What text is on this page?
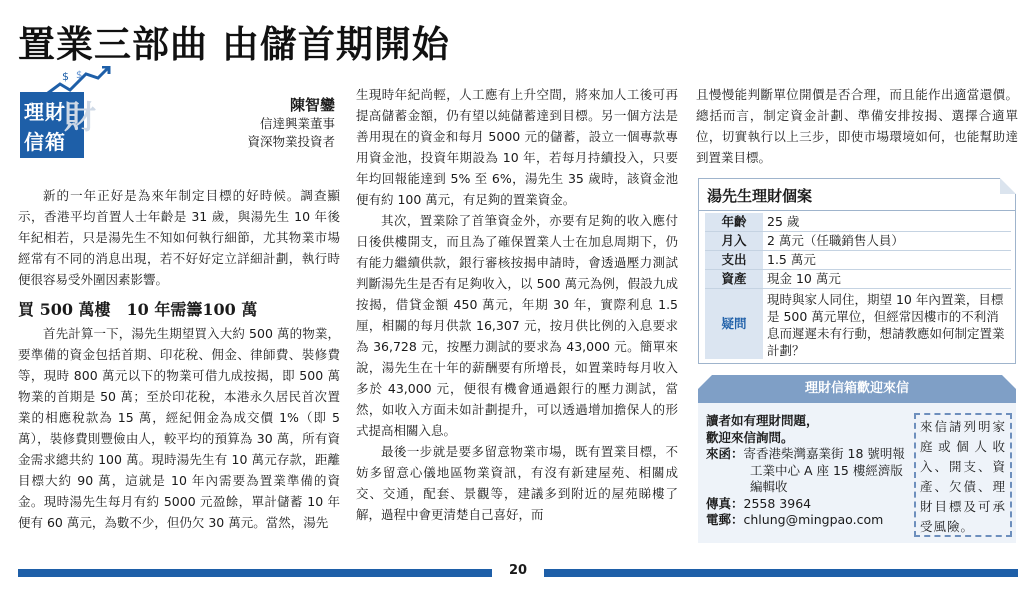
置業三部曲 由儲首期開始
$ $
財
理財
信箱
陳智鑾
信達興業董事
資深物業投資者

新的一年正好是為來年制定目標的好時候。調查顯示，香港平均首置人士年齡是 31 歲，與湯先生 10 年後年紀相若，只是湯先生不知如何執行細節，尤其物業市場經常有不同的消息出現，若不好好定立詳細計劃，執行時便很容易受外圍因素影響。

買 500 萬樓　10 年需籌100 萬

首先計算一下，湯先生期望買入大約 500 萬的物業，要準備的資金包括首期、印花稅、佣金、律師費、裝修費等，現時 800 萬元以下的物業可借九成按揭，即 500 萬物業的首期是 50 萬；至於印花稅，本港永久居民首次置業的相應稅款為 15 萬，經紀佣金為成交價 1%（即 5 萬），裝修費則豐儉由人，較平均的預算為 30 萬，所有資金需求總共約 100 萬。現時湯先生有 10 萬元存款，距離目標大約 90 萬，這就是 10 年內需要為置業準備的資金。現時湯先生每月有約 5000 元盈餘，單計儲蓄 10 年便有 60 萬元，為數不少，但仍欠 30 萬元。當然，湯先

生現時年紀尚輕，人工應有上升空間，將來加人工後可再提高儲蓄金額，仍有望以純儲蓄達到目標。另一個方法是善用現在的資金和每月 5000 元的儲蓄，設立一個專款專用資金池，投資年期設為 10 年，若每月持續投入，只要年均回報能達到 5% 至 6%，湯先生 35 歲時，該資金池便有約 100 萬元，有足夠的置業資金。

其次，置業除了首筆資金外，亦要有足夠的收入應付日後供樓開支，而且為了確保置業人士在加息周期下，仍有能力繼續供款，銀行審核按揭申請時，會透過壓力測試判斷湯先生是否有足夠收入，以 500 萬元為例，假設九成按揭，借貸金額 450 萬元，年期 30 年，實際利息 1.5 厘，相關的每月供款 16,307 元，按月供比例的入息要求為 36,728 元，按壓力測試的要求為 43,000 元。簡單來說，湯先生在十年的薪酬要有所增長，如置業時每月收入多於 43,000 元，便很有機會通過銀行的壓力測試，當然，如收入方面未如計劃提升，可以透過增加擔保人的形式提高相關入息。

最後一步就是要多留意物業市場，既有置業目標，不妨多留意心儀地區物業資訊，有沒有新建屋苑、相關成交、交通，配套、景觀等，建議多到附近的屋苑睇樓了解，過程中會更清楚自己喜好，而

且慢慢能判斷單位開價是否合理，而且能作出適當還價。總括而言，制定資金計劃、準備安排按揭、選擇合適單位，切實執行以上三步，即使市場環境如何，也能幫助達到置業目標。

湯先生理財個案
年齡	25 歲
月入	2 萬元（任職銷售人員）
支出	1.5 萬元
資產	現金 10 萬元
疑問	現時與家人同住，期望 10 年內置業，目標是 500 萬元單位，但經常因樓市的不利消息而遲遲未有行動，想請教應如何制定置業計劃？
理財信箱歡迎來信
讀者如有理財問題，
歡迎來信詢問。
來函：寄香港柴灣嘉業街 18 號明報工業中心 A 座 15 樓經濟版編輯收
傳真：2558 3964
電郵：chlung@mingpao.com
來信請列明家庭或個人收入、開支、資產、欠債、理財目標及可承受風險。
20
